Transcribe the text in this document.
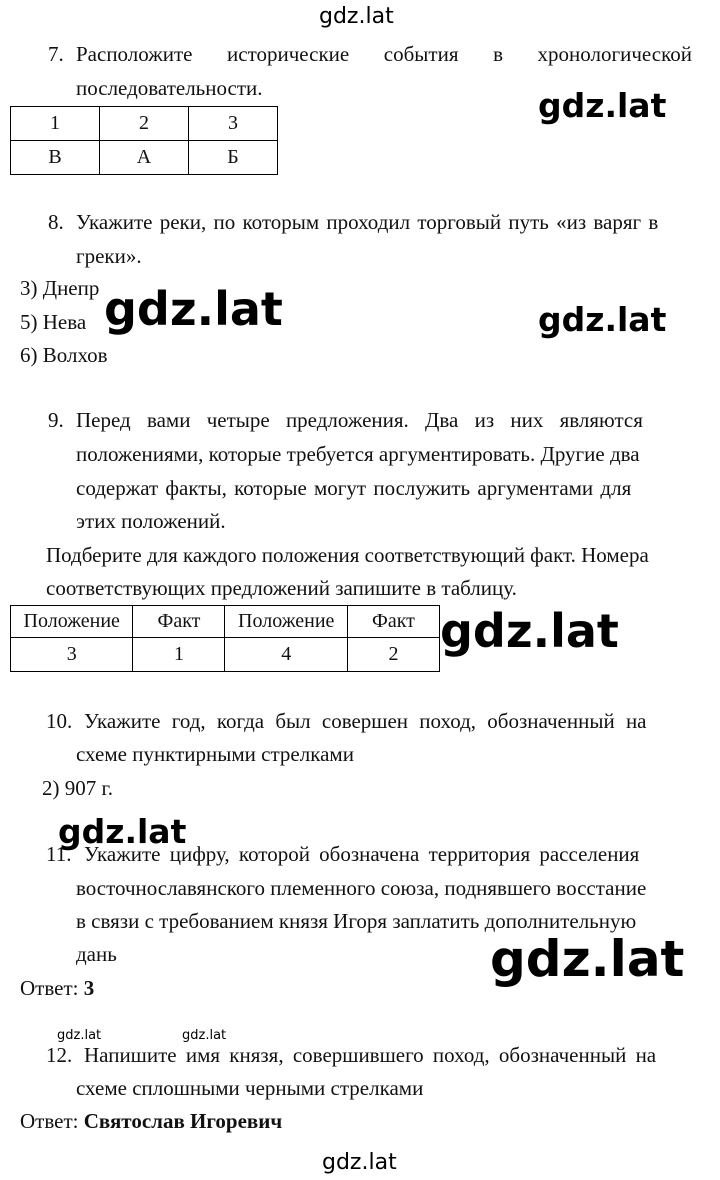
gdz.lat
gdz.lat
gdz.lat	gdz.lat
gdz.lat
gdz.lat
gdz.lat
gdz.lat	gdz.lat
gdz.lat
7. Расположите исторические события в хронологической
последовательности.
1	2	3
В	А	Б
8. Укажите реки, по которым проходил торговый путь «из варяг в
греки».
3) Днепр
5) Нева
6) Волхов
9. Перед вами четыре предложения. Два из них являются
положениями, которые требуется аргументировать. Другие два
содержат факты, которые могут послужить аргументами для
этих положений.
Подберите для каждого положения соответствующий факт. Номера
соответствующих предложений запишите в таблицу.
Положение	Факт	Положение	Факт
3	1	4	2
10. Укажите год, когда был совершен поход, обозначенный на
схеме пунктирными стрелками
2) 907 г.
11. Укажите цифру, которой обозначена территория расселения
восточнославянского племенного союза, поднявшего восстание
в связи с требованием князя Игоря заплатить дополнительную
дань
Ответ: 3
12. Напишите имя князя, совершившего поход, обозначенный на
схеме сплошными черными стрелками
Ответ: Святослав Игоревич
